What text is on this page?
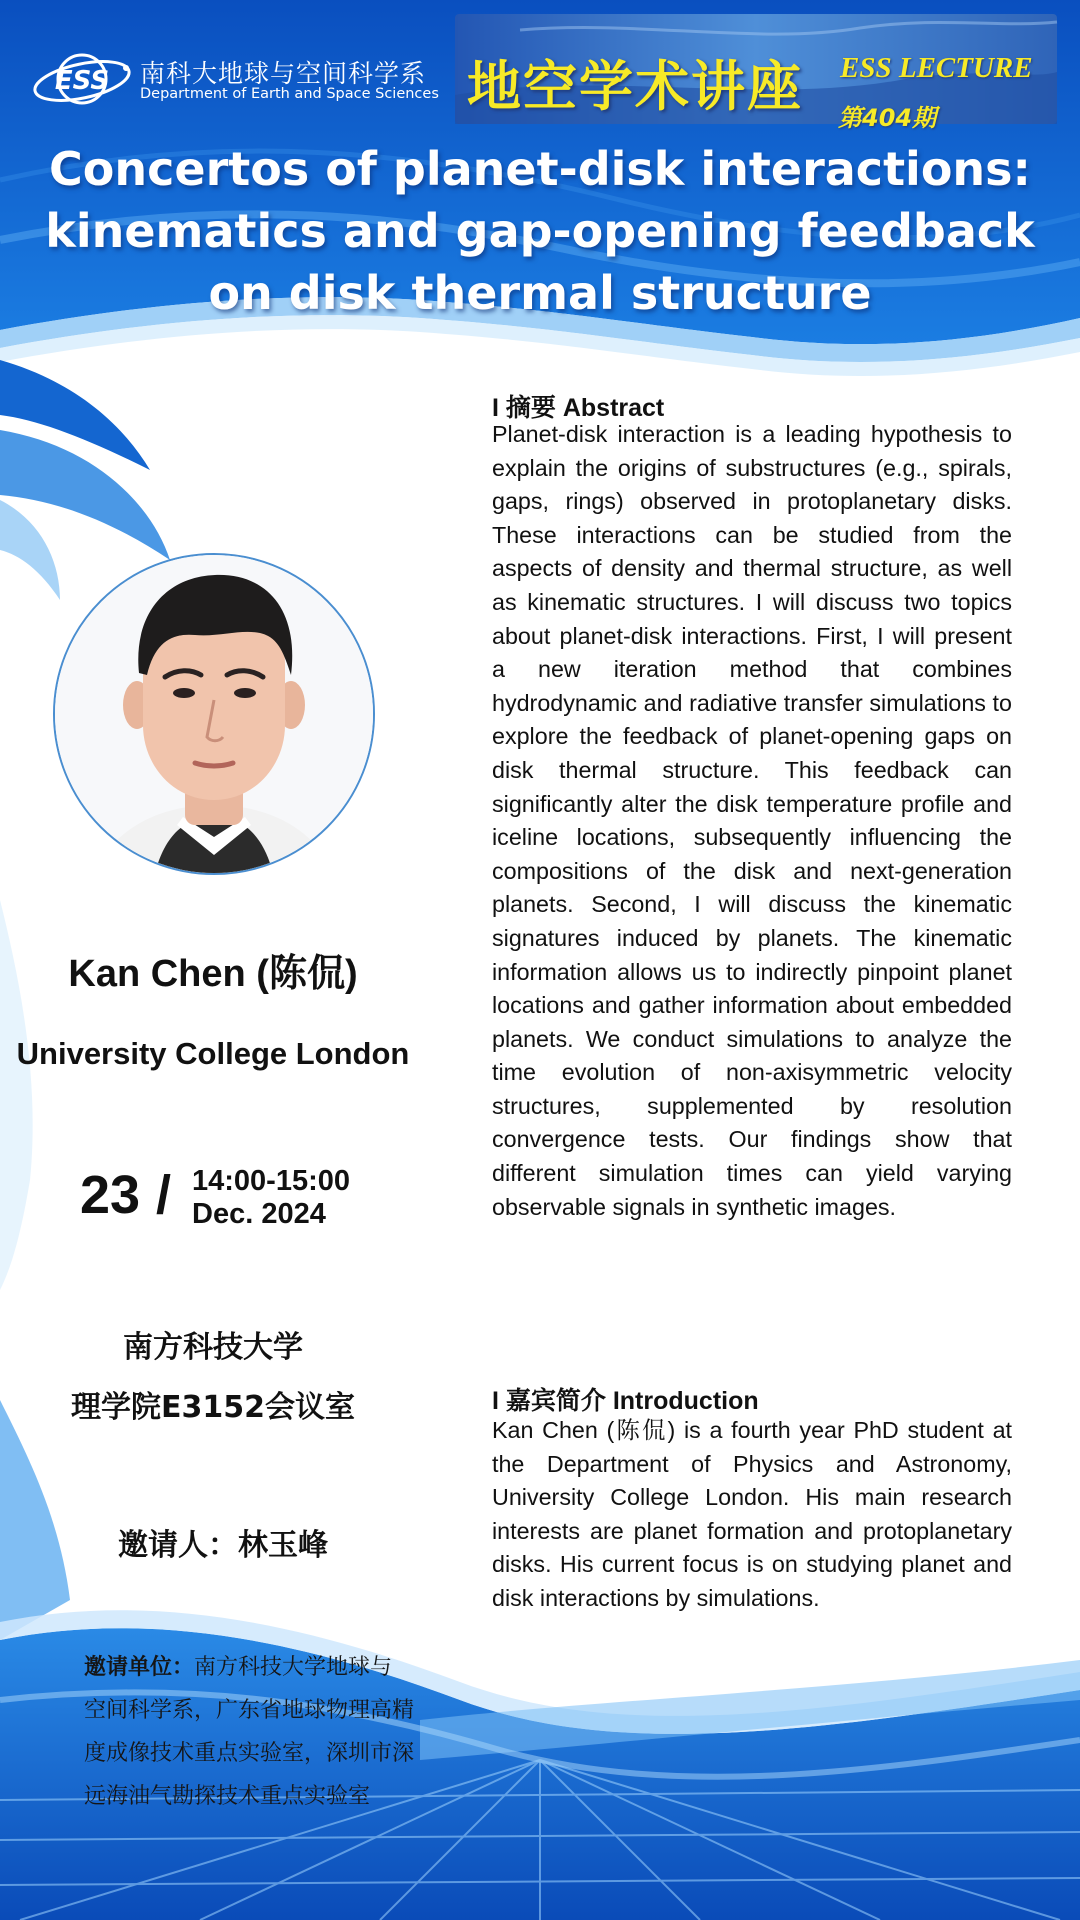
ESS 南科大地球与空间科学系
Department of Earth and Space Sciences 地空学术讲座 ESS LECTURE
第404期
Concertos of planet-disk interactions: kinematics and gap-opening feedback on disk thermal structure
Kan Chen (陈侃)
University College London
23 / 14:00-15:00
Dec. 2024
南方科技大学
理学院E3152会议室
邀请人：林玉峰
邀请单位：南方科技大学地球与空间科学系，广东省地球物理高精度成像技术重点实验室，深圳市深远海油气勘探技术重点实验室
I 摘要 Abstract
Planet-disk interaction is a leading hypothesis to explain the origins of substructures (e.g., spirals, gaps, rings) observed in protoplanetary disks. These interactions can be studied from the aspects of density and thermal structure, as well as kinematic structures. I will discuss two topics about planet-disk interactions. First, I will present a new iteration method that combines hydrodynamic and radiative transfer simulations to explore the feedback of planet-opening gaps on disk thermal structure. This feedback can significantly alter the disk temperature profile and iceline locations, subsequently influencing the compositions of the disk and next-generation planets. Second, I will discuss the kinematic signatures induced by planets. The kinematic information allows us to indirectly pinpoint planet locations and gather information about embedded planets. We conduct simulations to analyze the time evolution of non-axisymmetric velocity structures, supplemented by resolution convergence tests. Our findings show that different simulation times can yield varying observable signals in synthetic images.
I 嘉宾简介 Introduction
Kan Chen (陈侃) is a fourth year PhD student at the Department of Physics and Astronomy, University College London. His main research interests are planet formation and protoplanetary disks. His current focus is on studying planet and disk interactions by simulations.
